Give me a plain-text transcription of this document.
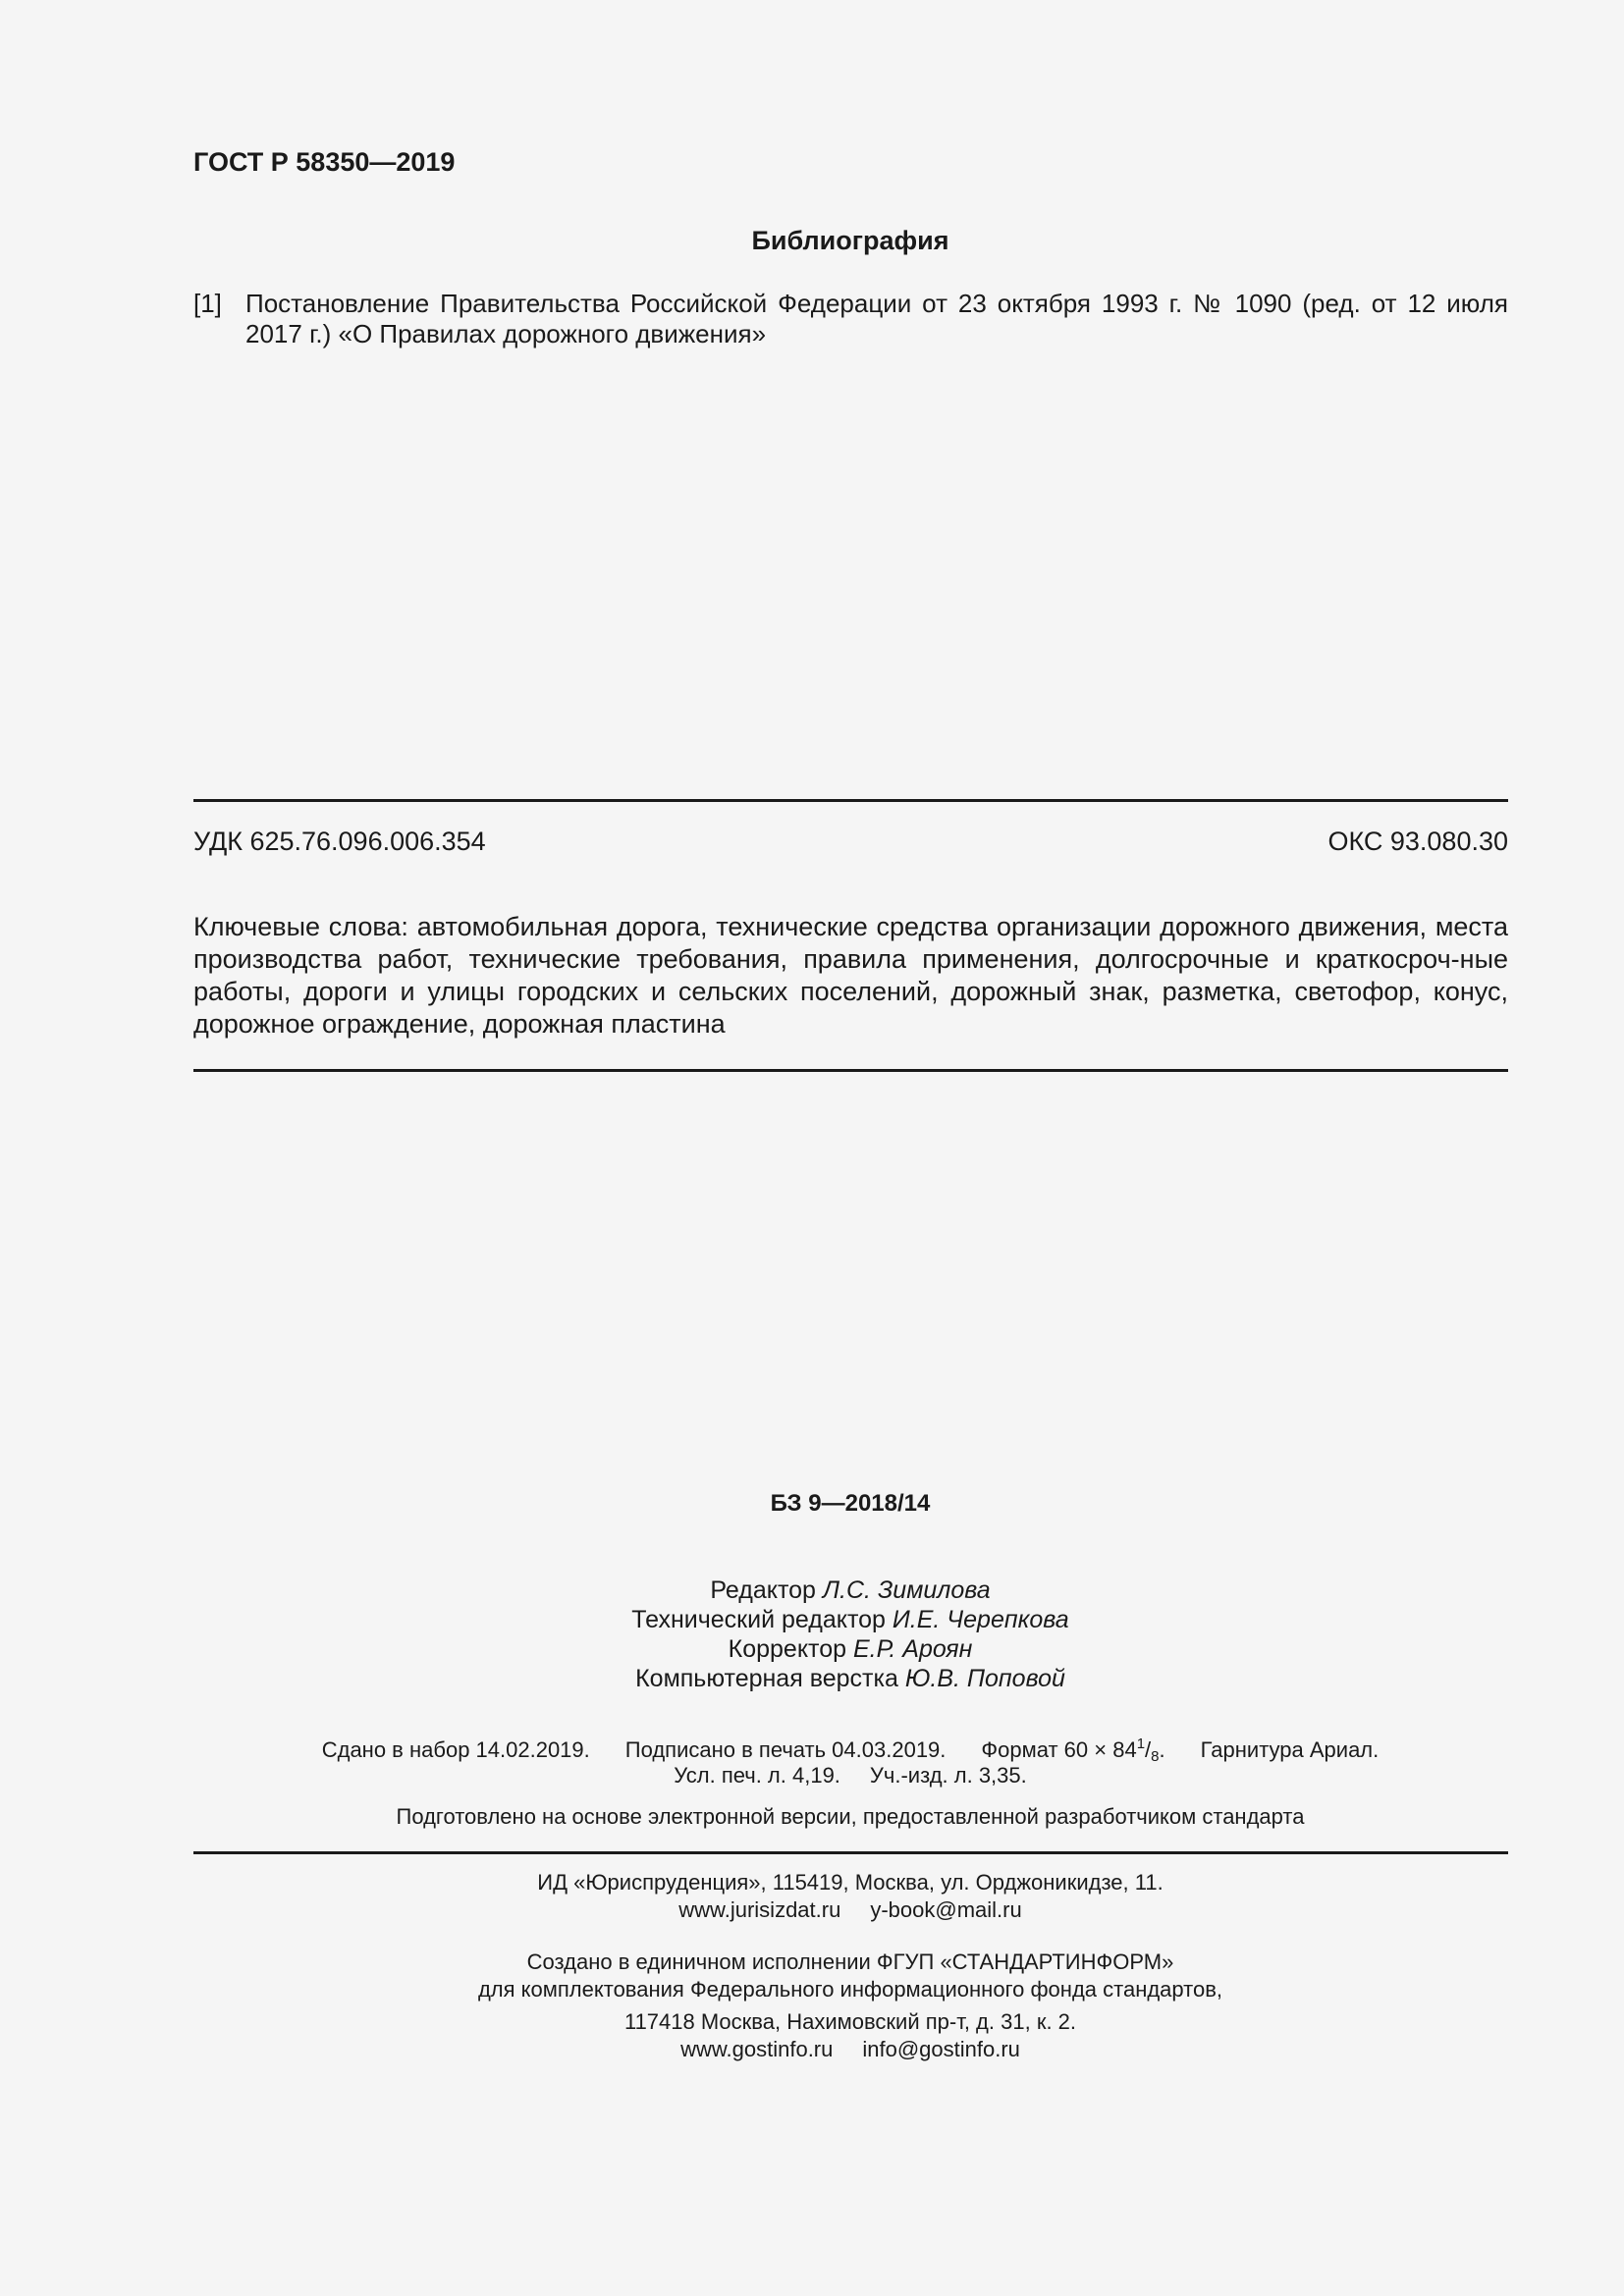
ГОСТ Р 58350—2019
Библиография
[1] Постановление Правительства Российской Федерации от 23 октября 1993 г. № 1090 (ред. от 12 июля 2017 г.) «О Правилах дорожного движения»
УДК 625.76.096.006.354	ОКС 93.080.30
Ключевые слова: автомобильная дорога, технические средства организации дорожного движения, места производства работ, технические требования, правила применения, долгосрочные и краткосроч-ные работы, дороги и улицы городских и сельских поселений, дорожный знак, разметка, светофор, конус, дорожное ограждение, дорожная пластина
БЗ 9—2018/14
Редактор Л.С. Зимилова
Технический редактор И.Е. Черепкова
Корректор Е.Р. Ароян
Компьютерная верстка Ю.В. Поповой
Сдано в набор 14.02.2019. Подписано в печать 04.03.2019. Формат $60 \times 84^1/_8$. Гарнитура Ариал.
Усл. печ. л. 4,19. Уч.-изд. л. 3,35.
Подготовлено на основе электронной версии, предоставленной разработчиком стандарта
ИД «Юриспруденция», 115419, Москва, ул. Орджоникидзе, 11.
www.jurisizdat.ru y-book@mail.ru
Создано в единичном исполнении ФГУП «СТАНДАРТИНФОРМ»
для комплектования Федерального информационного фонда стандартов,
117418 Москва, Нахимовский пр-т, д. 31, к. 2.
www.gostinfo.ru info@gostinfo.ru
